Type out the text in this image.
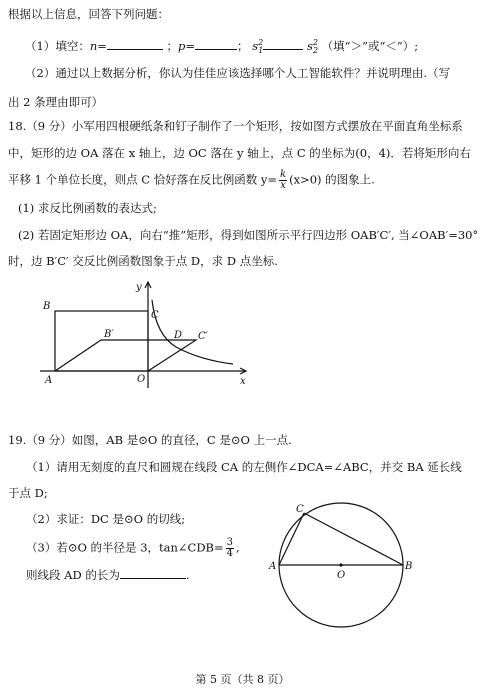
根据以上信息，回答下列问题：
（1）填空：n=	；p=	； $s^2_1$	$s^2_2$ （填“＞”或“＜”）;
（2）通过以上数据分析，你认为佳佳应该选择哪个人工智能软件？并说明理由.（写
出 2 条理由即可）
18.（9 分）小军用四根硬纸条和钉子制作了一个矩形，按如图方式摆放在平面直角坐标系
中，矩形的边 OA 落在 x 轴上，边 OC 落在 y 轴上，点 C 的坐标为(0，4)．若将矩形向右
平移 1 个单位长度，则点 C 恰好落在反比例函数 $y= \frac{k}{x} (x>0)$ 的图象上.
(1) 求反比例函数的表达式;
(2) 若固定矩形边 OA，向右“推”矩形，得到如图所示平行四边形 OAB′C′, 当∠OAB′=30°
时，边 B′C′ 交反比例函数图象于点 D，求 D 点坐标.
B
C
B′	D C′
A	O	x
y
19.（9 分）如图，AB 是⊙O 的直径，C 是⊙O 上一点.
（1）请用无刻度的直尺和圆规在线段 CA 的左侧作∠DCA=∠ABC，并交 BA 延长线
于点 D;
（2）求证：DC 是⊙O 的切线;
（3）若⊙O 的半径是 3，tan∠CDB= $\frac{3}{4}$ ,
则线段 AD 的长为	.
A	B
C
O
第 5 页（共 8 页）
